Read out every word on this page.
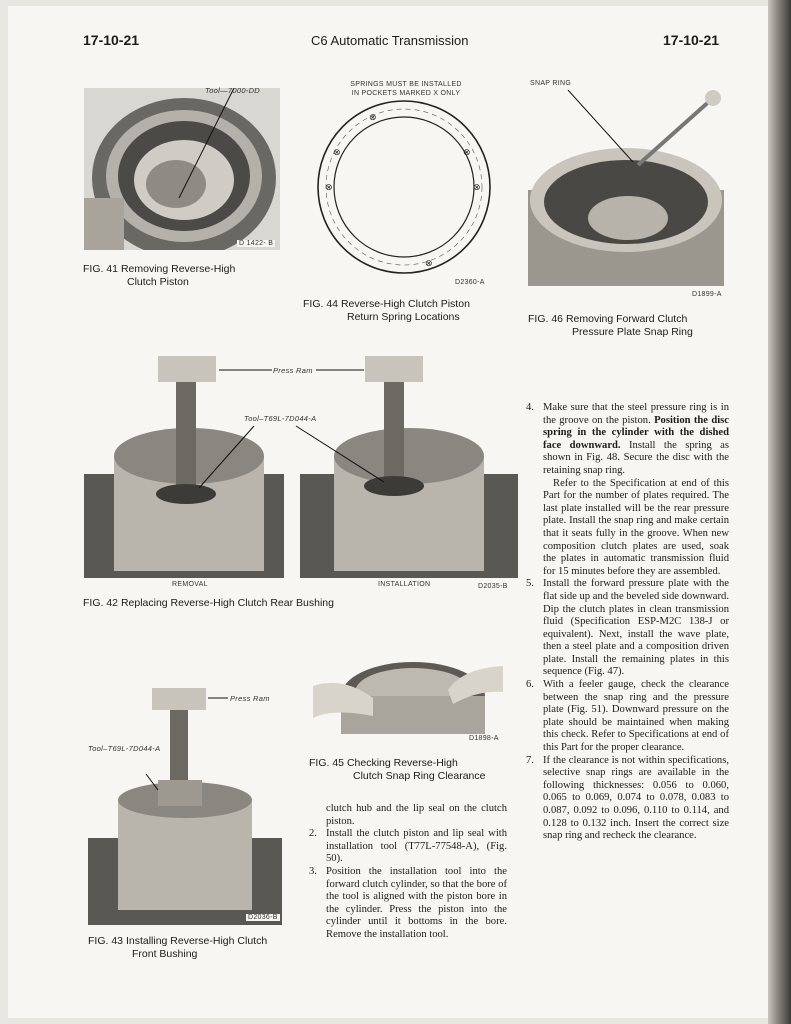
17-10-21	C6 Automatic Transmission	17-10-21
Tool—7000-DD
D 1422- B
FIG. 41 Removing Reverse-High
Clutch Piston
SPRINGS MUST BE INSTALLED
IN POCKETS MARKED X ONLY
⊗	⊗
⊗	⊗
⊗
⊗
D2360-A
FIG. 44 Reverse-High Clutch Piston
Return Spring Locations
SNAP RING
D1899-A
FIG. 46 Removing Forward Clutch
Pressure Plate Snap Ring
Press Ram
Tool–T69L-7D044-A
REMOVAL	INSTALLATION	D2035-B
FIG. 42 Replacing Reverse-High Clutch Rear Bushing
Press Ram
Tool–T69L-7D044-A
D2036-B
FIG. 43 Installing Reverse-High Clutch
Front Bushing
D1898-A
FIG. 45 Checking Reverse-High
Clutch Snap Ring Clearance

clutch hub and the lip seal on the clutch piston.

2. Install the clutch piston and lip seal with installation tool (T77L-77548-A), (Fig. 50).

3. Position the installation tool into the forward clutch cylinder, so that the bore of the tool is aligned with the piston bore in the cylinder. Press the piston into the cylinder until it bottoms in the bore. Remove the installation tool.

4. Make sure that the steel pressure ring is in the groove on the piston. Position the disc spring in the cylinder with the dished face downward. Install the spring as shown in Fig. 48. Secure the disc with the retaining snap ring.

Refer to the Specification at end of this Part for the number of plates required. The last plate installed will be the rear pressure plate. Install the snap ring and make certain that it seats fully in the groove. When new composition clutch plates are used, soak the plates in automatic transmission fluid for 15 minutes before they are assembled.

5. Install the forward pressure plate with the flat side up and the beveled side downward. Dip the clutch plates in clean transmission fluid (Specification ESP-M2C 138-J or equivalent). Next, install the wave plate, then a steel plate and a composition driven plate. Install the remaining plates in this sequence (Fig. 47).

6. With a feeler gauge, check the clearance between the snap ring and the pressure plate (Fig. 51). Downward pressure on the plate should be maintained when making this check. Refer to Specifications at end of this Part for the proper clearance.

7. If the clearance is not within specifications, selective snap rings are available in the following thicknesses: 0.056 to 0.060, 0.065 to 0.069, 0.074 to 0.078, 0.083 to 0.087, 0.092 to 0.096, 0.110 to 0.114, and 0.128 to 0.132 inch. Insert the correct size snap ring and recheck the clearance.
